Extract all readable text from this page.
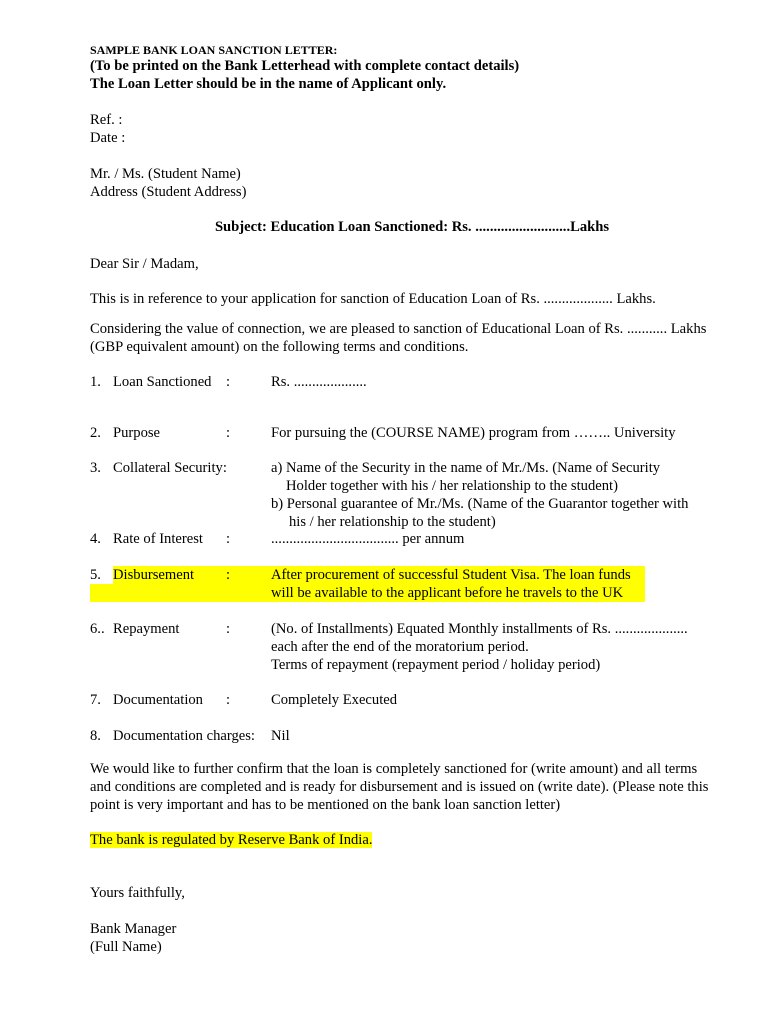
SAMPLE BANK LOAN SANCTION LETTER:
(To be printed on the Bank Letterhead with complete contact details)
The Loan Letter should be in the name of Applicant only.
Ref. :
Date :
Mr. / Ms. (Student Name)
Address (Student Address)
Subject: Education Loan Sanctioned: Rs. ..........................Lakhs
Dear Sir / Madam,
This is in reference to your application for sanction of Education Loan of Rs. ................... Lakhs.
Considering the value of connection, we are pleased to sanction of Educational Loan of Rs. ........... Lakhs
(GBP equivalent amount) on the following terms and conditions.
1. Loan Sanctioned :	Rs. ....................
2. Purpose	:	For pursuing the (COURSE NAME) program from …….. University
3. Collateral Security:	a) Name of the Security in the name of Mr./Ms. (Name of Security
Holder together with his / her relationship to the student)
b) Personal guarantee of Mr./Ms. (Name of the Guarantor together with
his / her relationship to the student)
4. Rate of Interest :	................................... per annum
5. Disbursement :	After procurement of successful Student Visa. The loan funds
will be available to the applicant before he travels to the UK
6.. Repayment	:	(No. of Installments) Equated Monthly installments of Rs. ....................
each after the end of the moratorium period.
Terms of repayment (repayment period / holiday period)
7. Documentation :	Completely Executed
8. Documentation charges: Nil
We would like to further confirm that the loan is completely sanctioned for (write amount) and all terms
and conditions are completed and is ready for disbursement and is issued on (write date). (Please note this
point is very important and has to be mentioned on the bank loan sanction letter)
The bank is regulated by Reserve Bank of India.
Yours faithfully,
Bank Manager
(Full Name)
